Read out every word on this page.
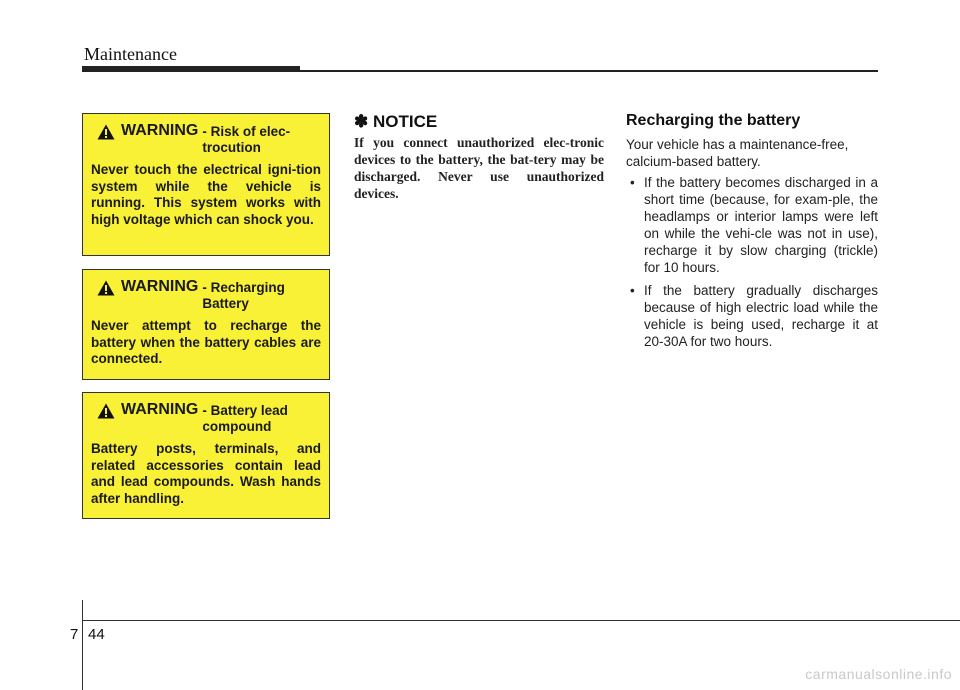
Maintenance
WARNING - Risk of elec-
trocution
Never touch the electrical igni-tion system while the vehicle is running. This system works with high voltage which can shock you.
WARNING - Recharging
Battery
Never attempt to recharge the battery when the battery cables are connected.
WARNING - Battery lead
compound
Battery posts, terminals, and related accessories contain lead and lead compounds. Wash hands after handling.
✽ NOTICE
If you connect unauthorized elec-tronic devices to the battery, the bat-tery may be discharged. Never use unauthorized devices.
Recharging the battery
Your vehicle has a maintenance-free, calcium-based battery.
• If the battery becomes discharged in a short time (because, for exam-ple, the headlamps or interior lamps were left on while the vehi-cle was not in use), recharge it by slow charging (trickle) for 10 hours.
• If the battery gradually discharges because of high electric load while the vehicle is being used, recharge it at 20-30A for two hours.
7 44
carmanualsonline.info
